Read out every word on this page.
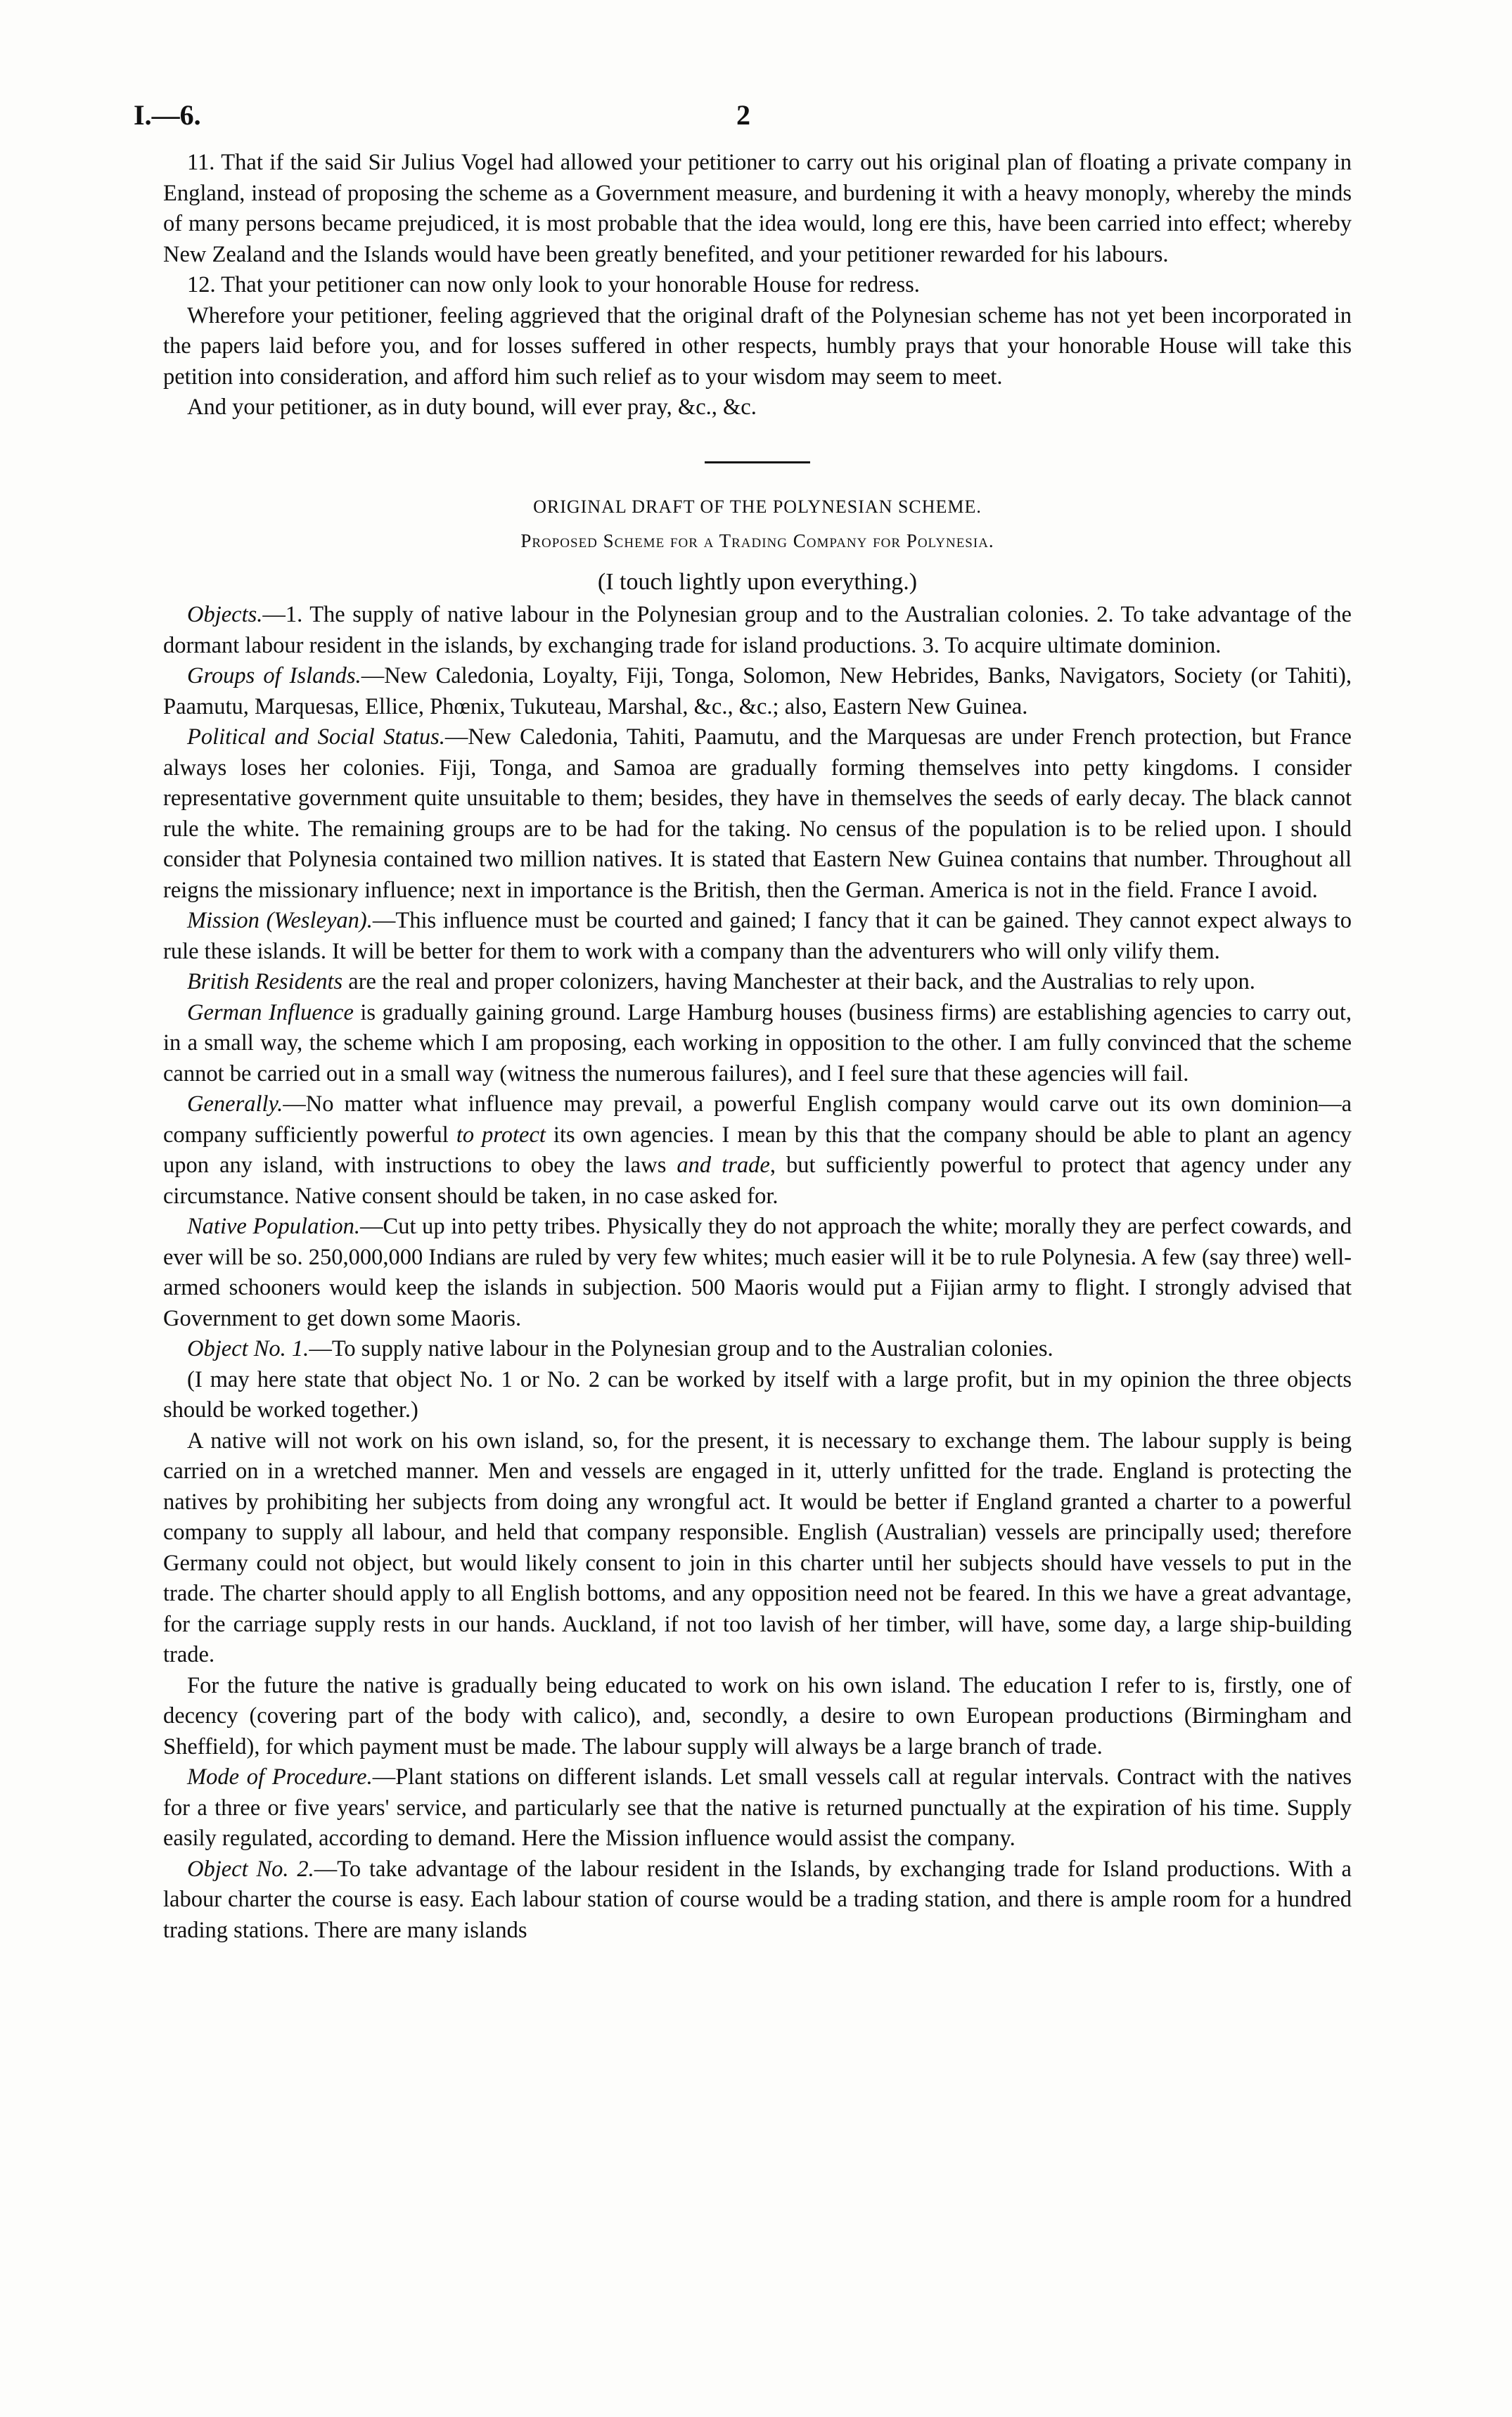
I.—6.	2

11. That if the said Sir Julius Vogel had allowed your petitioner to carry out his original plan of floating a private company in England, instead of proposing the scheme as a Government measure, and burdening it with a heavy monoply, whereby the minds of many persons became prejudiced, it is most probable that the idea would, long ere this, have been carried into effect; whereby New Zealand and the Islands would have been greatly benefited, and your petitioner rewarded for his labours.

12. That your petitioner can now only look to your honorable House for redress.

Wherefore your petitioner, feeling aggrieved that the original draft of the Polynesian scheme has not yet been incorporated in the papers laid before you, and for losses suffered in other respects, humbly prays that your honorable House will take this petition into consideration, and afford him such relief as to your wisdom may seem to meet.

And your petitioner, as in duty bound, will ever pray, &c., &c.

ORIGINAL DRAFT OF THE POLYNESIAN SCHEME.
Proposed Scheme for a Trading Company for Polynesia.
(I touch lightly upon everything.)

Objects.—1. The supply of native labour in the Polynesian group and to the Australian colonies. 2. To take advantage of the dormant labour resident in the islands, by exchanging trade for island productions. 3. To acquire ultimate dominion.

Groups of Islands.—New Caledonia, Loyalty, Fiji, Tonga, Solomon, New Hebrides, Banks, Navigators, Society (or Tahiti), Paamutu, Marquesas, Ellice, Phœnix, Tukuteau, Marshal, &c., &c.; also, Eastern New Guinea.

Political and Social Status.—New Caledonia, Tahiti, Paamutu, and the Marquesas are under French protection, but France always loses her colonies. Fiji, Tonga, and Samoa are gradually forming themselves into petty kingdoms. I consider representative government quite unsuitable to them; besides, they have in themselves the seeds of early decay. The black cannot rule the white. The remaining groups are to be had for the taking. No census of the population is to be relied upon. I should consider that Polynesia contained two million natives. It is stated that Eastern New Guinea contains that number. Throughout all reigns the missionary influence; next in importance is the British, then the German. America is not in the field. France I avoid.

Mission (Wesleyan).—This influence must be courted and gained; I fancy that it can be gained. They cannot expect always to rule these islands. It will be better for them to work with a company than the adventurers who will only vilify them.

British Residents are the real and proper colonizers, having Manchester at their back, and the Australias to rely upon.

German Influence is gradually gaining ground. Large Hamburg houses (business firms) are establishing agencies to carry out, in a small way, the scheme which I am proposing, each working in opposition to the other. I am fully convinced that the scheme cannot be carried out in a small way (witness the numerous failures), and I feel sure that these agencies will fail.

Generally.—No matter what influence may prevail, a powerful English company would carve out its own dominion—a company sufficiently powerful to protect its own agencies. I mean by this that the company should be able to plant an agency upon any island, with instructions to obey the laws and trade, but sufficiently powerful to protect that agency under any circumstance. Native consent should be taken, in no case asked for.

Native Population.—Cut up into petty tribes. Physically they do not approach the white; morally they are perfect cowards, and ever will be so. 250,000,000 Indians are ruled by very few whites; much easier will it be to rule Polynesia. A few (say three) well-armed schooners would keep the islands in subjection. 500 Maoris would put a Fijian army to flight. I strongly advised that Government to get down some Maoris.

Object No. 1.—To supply native labour in the Polynesian group and to the Australian colonies.

(I may here state that object No. 1 or No. 2 can be worked by itself with a large profit, but in my opinion the three objects should be worked together.)

A native will not work on his own island, so, for the present, it is necessary to exchange them. The labour supply is being carried on in a wretched manner. Men and vessels are engaged in it, utterly unfitted for the trade. England is protecting the natives by prohibiting her subjects from doing any wrongful act. It would be better if England granted a charter to a powerful company to supply all labour, and held that company responsible. English (Australian) vessels are principally used; therefore Germany could not object, but would likely consent to join in this charter until her subjects should have vessels to put in the trade. The charter should apply to all English bottoms, and any opposition need not be feared. In this we have a great advantage, for the carriage supply rests in our hands. Auckland, if not too lavish of her timber, will have, some day, a large ship-building trade.

For the future the native is gradually being educated to work on his own island. The education I refer to is, firstly, one of decency (covering part of the body with calico), and, secondly, a desire to own European productions (Birmingham and Sheffield), for which payment must be made. The labour supply will always be a large branch of trade.

Mode of Procedure.—Plant stations on different islands. Let small vessels call at regular intervals. Contract with the natives for a three or five years' service, and particularly see that the native is returned punctually at the expiration of his time. Supply easily regulated, according to demand. Here the Mission influence would assist the company.

Object No. 2.—To take advantage of the labour resident in the Islands, by exchanging trade for Island productions. With a labour charter the course is easy. Each labour station of course would be a trading station, and there is ample room for a hundred trading stations. There are many islands
